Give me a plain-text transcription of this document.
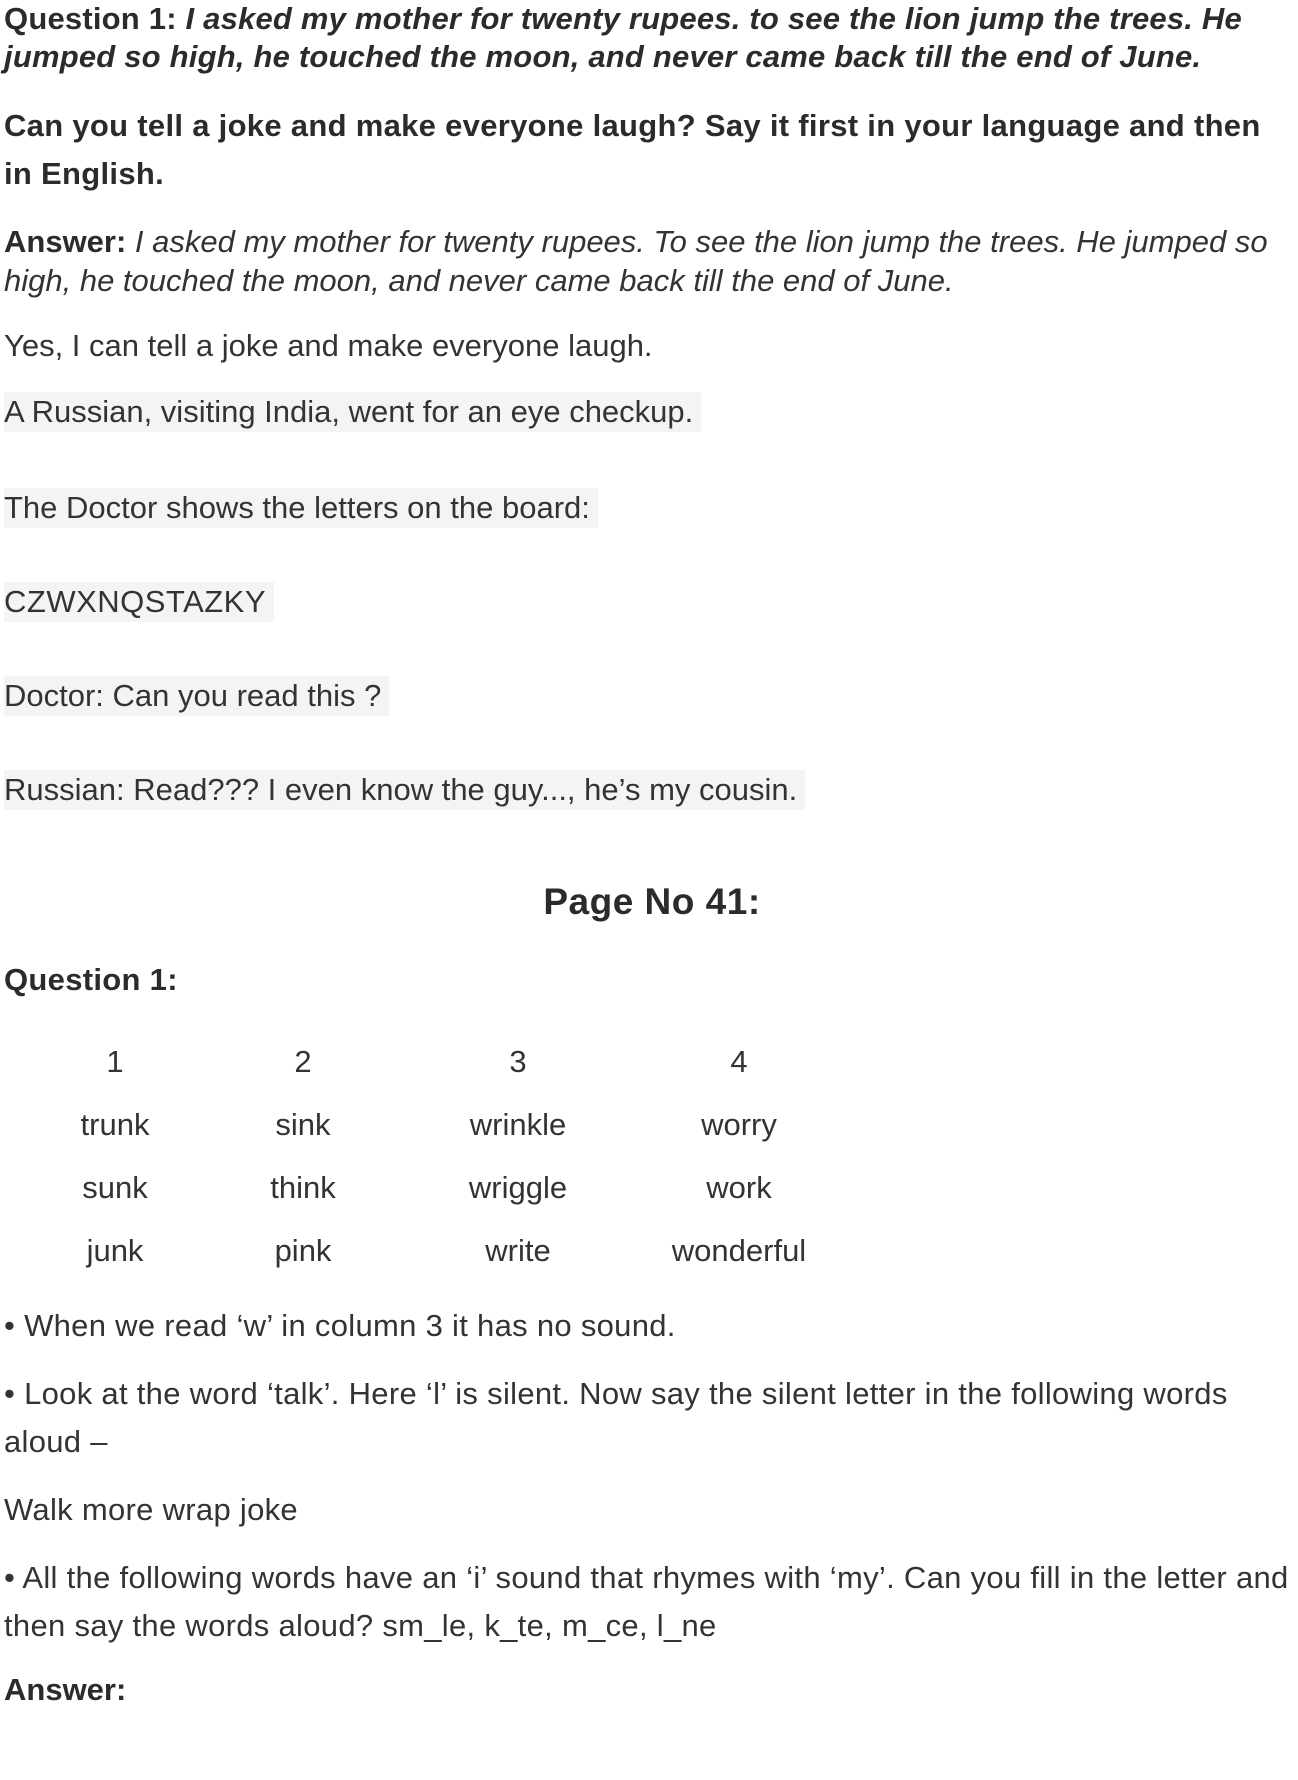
Question 1: I asked my mother for twenty rupees. to see the lion jump the trees. He jumped so high, he touched the moon, and never came back till the end of June.

Can you tell a joke and make everyone laugh? Say it first in your language and then in English.

Answer: I asked my mother for twenty rupees. To see the lion jump the trees. He jumped so high, he touched the moon, and never came back till the end of June.

Yes, I can tell a joke and make everyone laugh.

A Russian, visiting India, went for an eye checkup.

The Doctor shows the letters on the board:

CZWXNQSTAZKY

Doctor: Can you read this ?

Russian: Read??? I even know the guy..., he’s my cousin.

Page No 41:

Question 1:

1	2	3	4
trunk	sink	wrinkle	worry
sunk	think	wriggle	work
junk	pink	write	wonderful

• When we read ‘w’ in column 3 it has no sound.

• Look at the word ‘talk’. Here ‘l’ is silent. Now say the silent letter in the following words aloud –

Walk more wrap joke

• All the following words have an ‘i’ sound that rhymes with ‘my’. Can you fill in the letter and then say the words aloud? sm_le, k_te, m_ce, l_ne

Answer:
